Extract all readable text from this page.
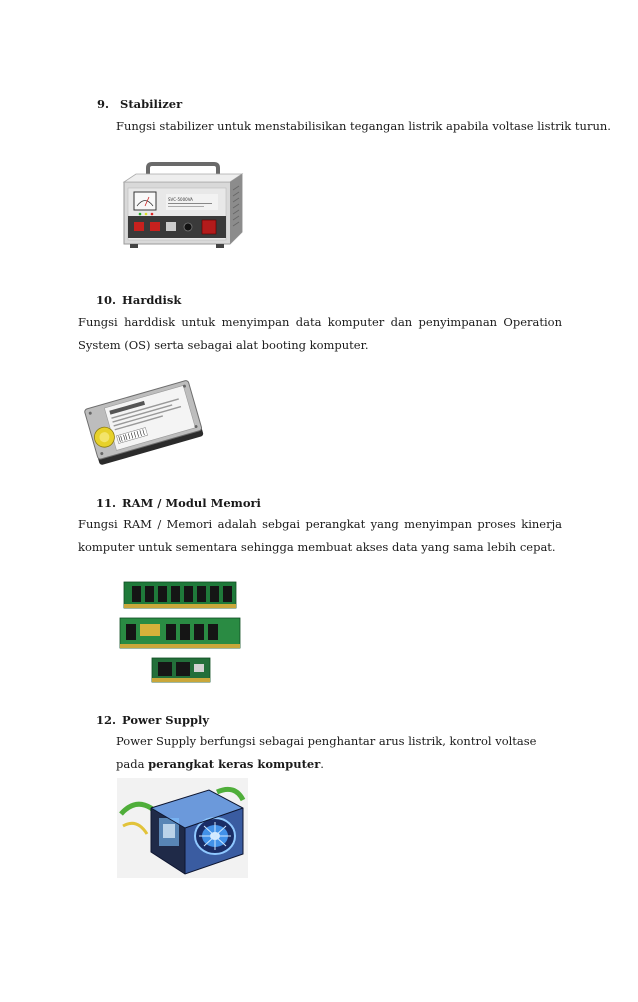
9. Stabilizer
Fungsi stabilizer untuk menstabilisikan tegangan listrik apabila voltase listrik turun.
SVC-5000VA
10. Harddisk
Fungsi harddisk untuk menyimpan data komputer dan penyimpanan Operation System (OS) serta sebagai alat booting komputer.
11. RAM / Modul Memori
Fungsi RAM / Memori adalah sebgai perangkat yang menyimpan proses kinerja komputer untuk sementara sehingga membuat akses data yang sama lebih cepat.
12. Power Supply
Power Supply berfungsi sebagai penghantar arus listrik, kontrol voltase pada perangkat keras komputer.
